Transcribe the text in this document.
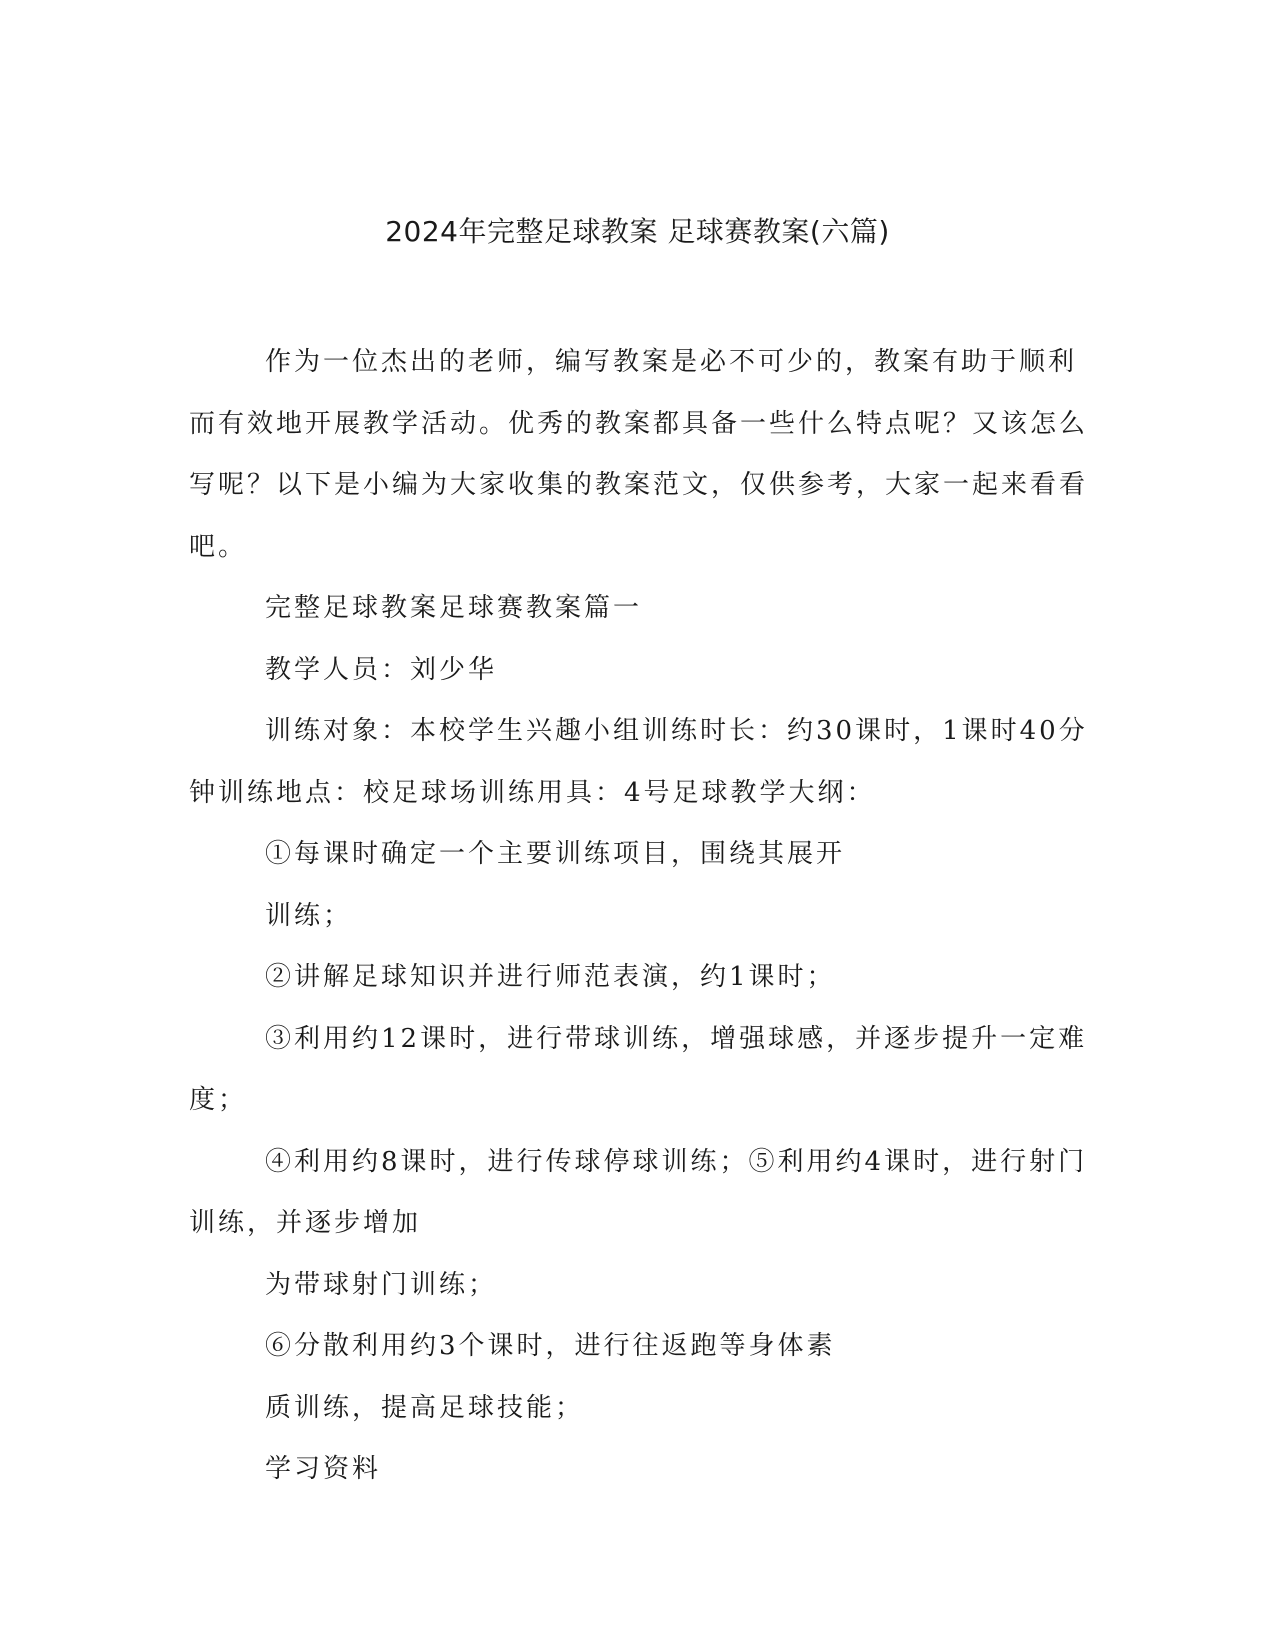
2024年完整足球教案 足球赛教案(六篇)

作为一位杰出的老师，编写教案是必不可少的，教案有助于顺利而有效地开展教学活动。优秀的教案都具备一些什么特点呢？又该怎么写呢？以下是小编为大家收集的教案范文，仅供参考，大家一起来看看吧。

完整足球教案足球赛教案篇一

教学人员：刘少华

训练对象：本校学生兴趣小组训练时长：约30课时，1课时40分钟训练地点：校足球场训练用具：4号足球教学大纲：

①每课时确定一个主要训练项目，围绕其展开

训练；

②讲解足球知识并进行师范表演，约1课时；

③利用约12课时，进行带球训练，增强球感，并逐步提升一定难度；

④利用约8课时，进行传球停球训练；⑤利用约4课时，进行射门训练，并逐步增加

为带球射门训练；

⑥分散利用约3个课时，进行往返跑等身体素

质训练，提高足球技能；

学习资料
